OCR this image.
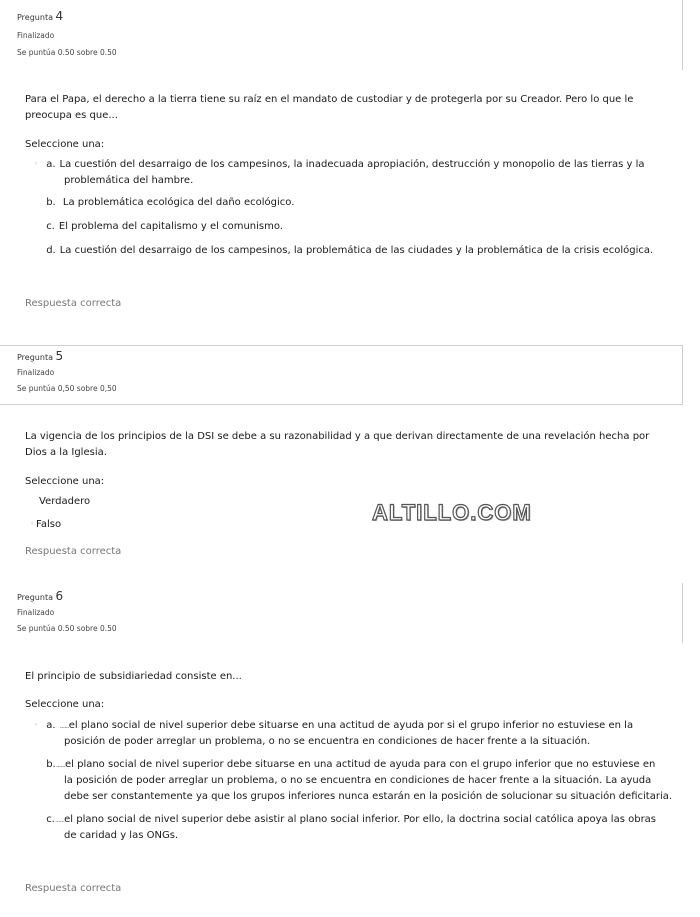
Pregunta 4
Finalizado
Se puntúa 0.50 sobre 0.50
Para el Papa, el derecho a la tierra tiene su raíz en el mandato de custodiar y de protegerla por su Creador. Pero lo que le preocupa es que...
Seleccione una:
◦ a. La cuestión del desarraigo de los campesinos, la inadecuada apropiación, destrucción y monopolio de las tierras y la
problemática del hambre.
b. La problemática ecológica del daño ecológico.
c. El problema del capitalismo y el comunismo.
d. La cuestión del desarraigo de los campesinos, la problemática de las ciudades y la problemática de la crisis ecológica.
Respuesta correcta
Pregunta 5
Finalizado
Se puntúa 0,50 sobre 0,50
La vigencia de los principios de la DSI se debe a su razonabilidad y a que derivan directamente de una revelación hecha por Dios a la Iglesia.
Seleccione una:
Verdadero
◦ Falso	ALTILLO.COM
Respuesta correcta
Pregunta 6
Finalizado
Se puntúa 0.50 sobre 0.50
El principio de subsidiariedad consiste en...
Seleccione una:
◦ a. ......el plano social de nivel superior debe situarse en una actitud de ayuda por si el grupo inferior no estuviese en la
posición de poder arreglar un problema, o no se encuentra en condiciones de hacer frente a la situación.
b.......el plano social de nivel superior debe situarse en una actitud de ayuda para con el grupo inferior que no estuviese en
la posición de poder arreglar un problema, o no se encuentra en condiciones de hacer frente a la situación. La ayuda
debe ser constantemente ya que los grupos inferiores nunca estarán en la posición de solucionar su situación deficitaria.
c.......el plano social de nivel superior debe asistir al plano social inferior. Por ello, la doctrina social católica apoya las obras
de caridad y las ONGs.
Respuesta correcta
